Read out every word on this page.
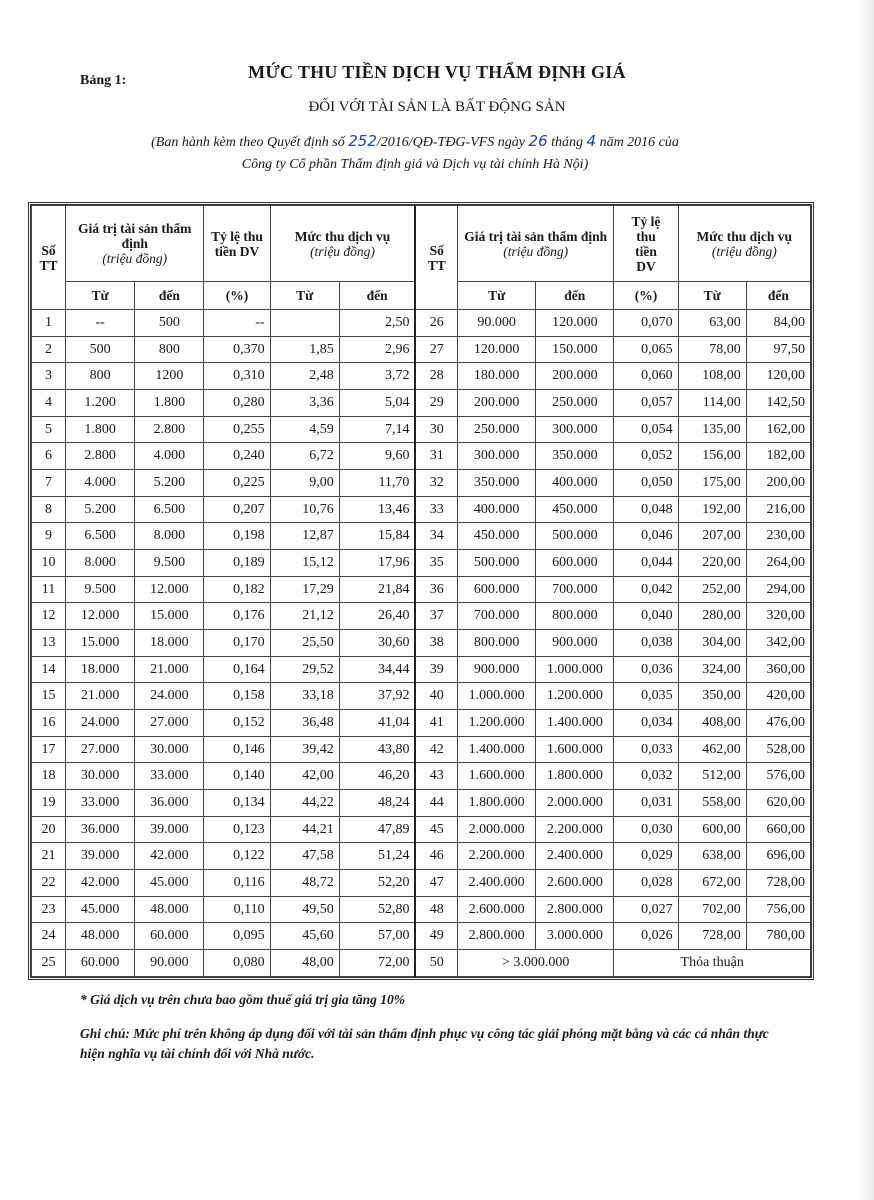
Bảng 1:	MỨC THU TIỀN DỊCH VỤ THẨM ĐỊNH GIÁ
ĐỐI VỚI TÀI SẢN LÀ BẤT ĐỘNG SẢN
(Ban hành kèm theo Quyết định số 252/2016/QĐ-TĐG-VFS ngày 26 tháng 4 năm 2016 của
Công ty Cổ phần Thẩm định giá và Dịch vụ tài chính Hà Nội)
Số TT	Giá trị tài sản thẩm định
(triệu đồng)		Tỷ lệ thu tiền DV	Mức thu dịch vụ
(triệu đồng)		Số TT	Giá trị tài sản thẩm định
(triệu đồng)		Tỷ lệ thu tiền DV	Mức thu dịch vụ
(triệu đồng)	
	Từ	đến	(%)	Từ	đến		Từ	đến	(%)	Từ	đến
1	--	500	--		2,50	26	90.000	120.000	0,070	63,00	84,00
2	500	800	0,370	1,85	2,96	27	120.000	150.000	0,065	78,00	97,50
3	800	1200	0,310	2,48	3,72	28	180.000	200.000	0,060	108,00	120,00
4	1.200	1.800	0,280	3,36	5,04	29	200.000	250.000	0,057	114,00	142,50
5	1.800	2.800	0,255	4,59	7,14	30	250.000	300.000	0,054	135,00	162,00
6	2.800	4.000	0,240	6,72	9,60	31	300.000	350.000	0,052	156,00	182,00
7	4.000	5.200	0,225	9,00	11,70	32	350.000	400.000	0,050	175,00	200,00
8	5.200	6.500	0,207	10,76	13,46	33	400.000	450.000	0,048	192,00	216,00
9	6.500	8.000	0,198	12,87	15,84	34	450.000	500.000	0,046	207,00	230,00
10	8.000	9.500	0,189	15,12	17,96	35	500.000	600.000	0,044	220,00	264,00
11	9.500	12.000	0,182	17,29	21,84	36	600.000	700.000	0,042	252,00	294,00
12	12.000	15.000	0,176	21,12	26,40	37	700.000	800.000	0,040	280,00	320,00
13	15.000	18.000	0,170	25,50	30,60	38	800.000	900.000	0,038	304,00	342,00
14	18.000	21.000	0,164	29,52	34,44	39	900.000	1.000.000	0,036	324,00	360,00
15	21.000	24.000	0,158	33,18	37,92	40	1.000.000	1.200.000	0,035	350,00	420,00
16	24.000	27.000	0,152	36,48	41,04	41	1.200.000	1.400.000	0,034	408,00	476,00
17	27.000	30.000	0,146	39,42	43,80	42	1.400.000	1.600.000	0,033	462,00	528,00
18	30.000	33.000	0,140	42,00	46,20	43	1.600.000	1.800.000	0,032	512,00	576,00
19	33.000	36.000	0,134	44,22	48,24	44	1.800.000	2.000.000	0,031	558,00	620,00
20	36.000	39.000	0,123	44,21	47,89	45	2.000.000	2.200.000	0,030	600,00	660,00
21	39.000	42.000	0,122	47,58	51,24	46	2.200.000	2.400.000	0,029	638,00	696,00
22	42.000	45.000	0,116	48,72	52,20	47	2.400.000	2.600.000	0,028	672,00	728,00
23	45.000	48.000	0,110	49,50	52,80	48	2.600.000	2.800.000	0,027	702,00	756,00
24	48.000	60.000	0,095	45,60	57,00	49	2.800.000	3.000.000	0,026	728,00	780,00
25	60.000	90.000	0,080	48,00	72,00	50	> 3.000.000		Thỏa thuận		
* Giá dịch vụ trên chưa bao gồm thuế giá trị gia tăng 10%
Ghi chú: Mức phí trên không áp dụng đối với tài sản thẩm định phục vụ công tác giải phóng mặt bằng và các cá nhân thực hiện nghĩa vụ tài chính đối với Nhà nước.
